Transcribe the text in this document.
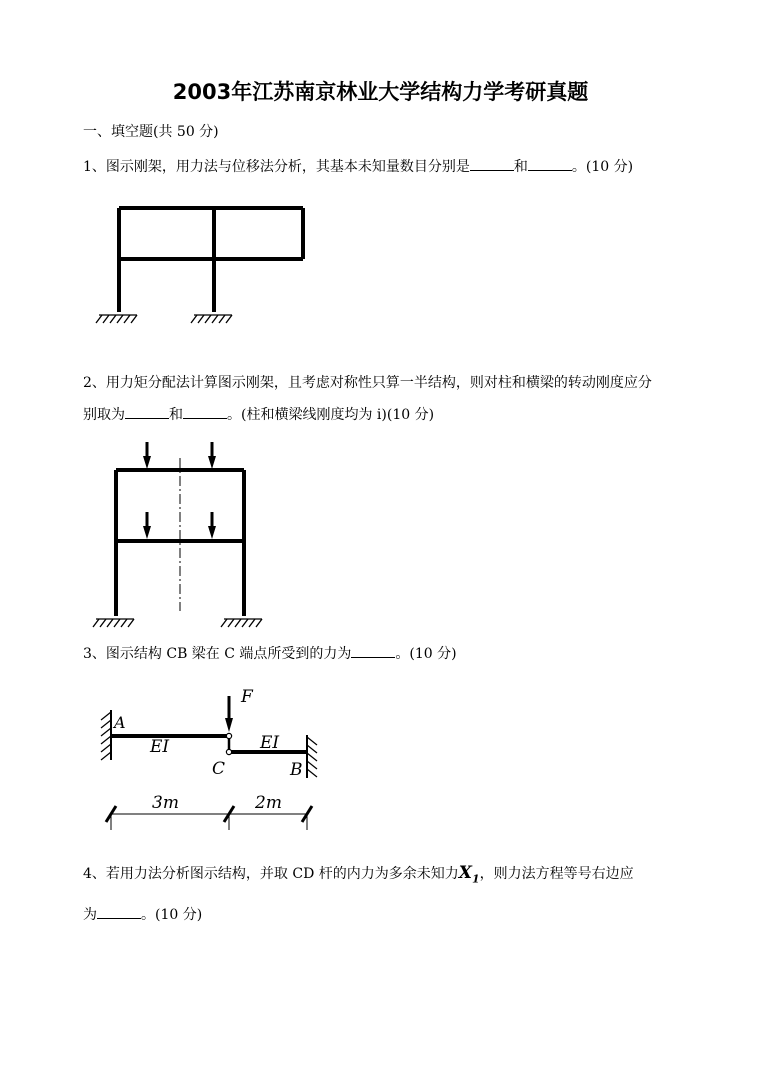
2003年江苏南京林业大学结构力学考研真题
一、填空题(共 50 分)
1、图示刚架，用力法与位移法分析，其基本未知量数目分别是	和	。(10 分)
2、用力矩分配法计算图示刚架，且考虑对称性只算一半结构，则对柱和横梁的转动刚度应分
别取为	和	。(柱和横梁线刚度均为 i)(10 分)
3、图示结构 CB 梁在 C 端点所受到的力为	。(10 分)
F
A
EI	EI
C	B
3m	2m
4、若用力法分析图示结构，并取 CD 杆的内力为多余未知力$X_1$，则力法方程等号右边应
为	。(10 分)
